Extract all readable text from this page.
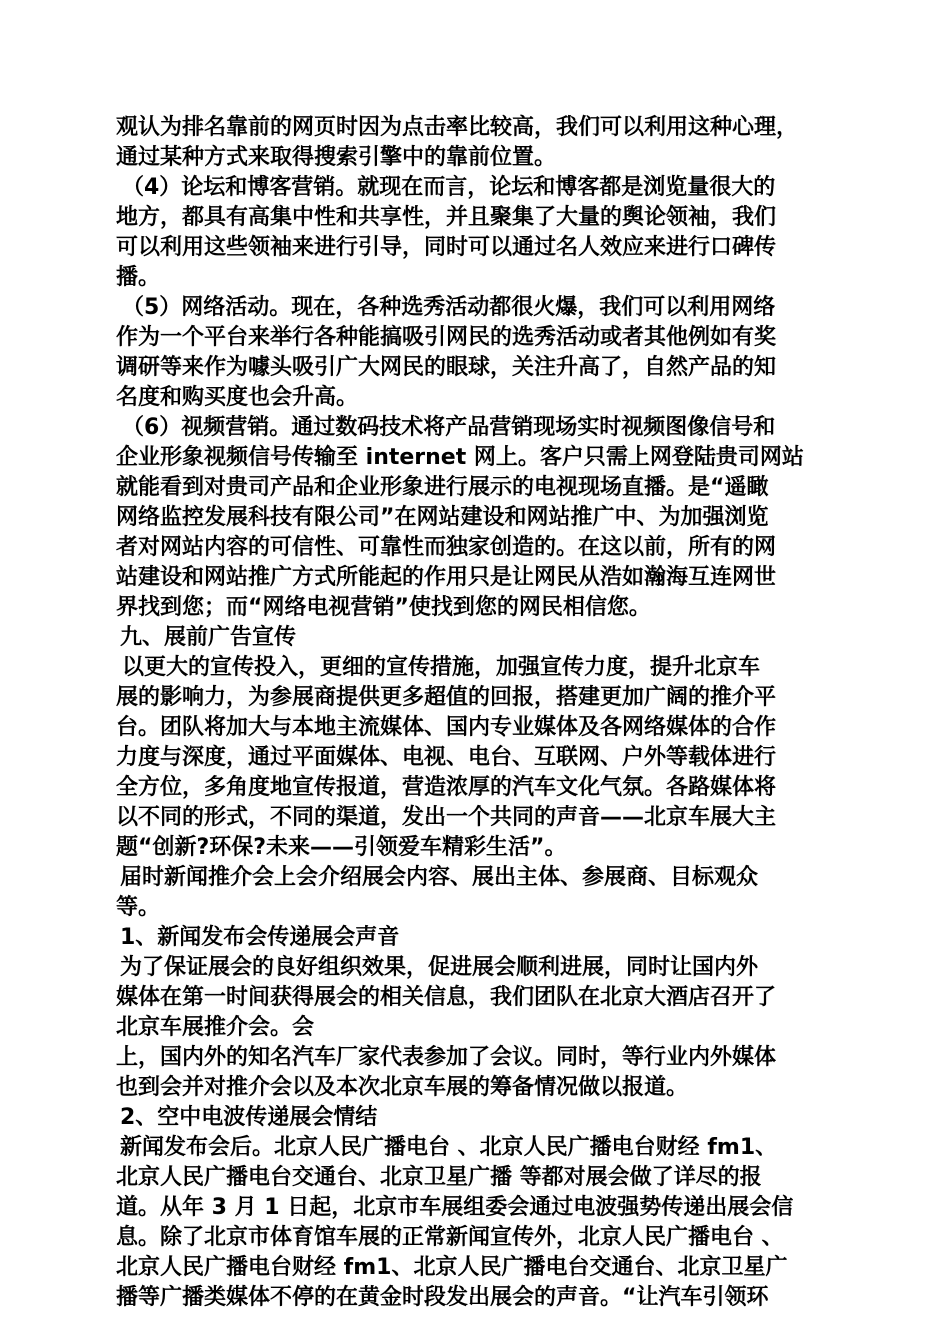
观认为排名靠前的网页时因为点击率比较高，我们可以利用这种心理，
通过某种方式来取得搜索引擎中的靠前位置。
（4）论坛和博客营销。就现在而言，论坛和博客都是浏览量很大的
地方，都具有高集中性和共享性，并且聚集了大量的舆论领袖，我们
可以利用这些领袖来进行引导，同时可以通过名人效应来进行口碑传
播。
（5）网络活动。现在，各种选秀活动都很火爆，我们可以利用网络
作为一个平台来举行各种能搞吸引网民的选秀活动或者其他例如有奖
调研等来作为噱头吸引广大网民的眼球，关注升高了，自然产品的知
名度和购买度也会升高。
（6）视频营销。通过数码技术将产品营销现场实时视频图像信号和
企业形象视频信号传输至 internet 网上。客户只需上网登陆贵司网站
就能看到对贵司产品和企业形象进行展示的电视现场直播。是“遥瞰
网络监控发展科技有限公司”在网站建设和网站推广中、为加强浏览
者对网站内容的可信性、可靠性而独家创造的。在这以前，所有的网
站建设和网站推广方式所能起的作用只是让网民从浩如瀚海互连网世
界找到您；而“网络电视营销”使找到您的网民相信您。
九、展前广告宣传
以更大的宣传投入，更细的宣传措施，加强宣传力度，提升北京车
展的影响力，为参展商提供更多超值的回报，搭建更加广阔的推介平
台。团队将加大与本地主流媒体、国内专业媒体及各网络媒体的合作
力度与深度，通过平面媒体、电视、电台、互联网、户外等载体进行
全方位，多角度地宣传报道，营造浓厚的汽车文化气氛。各路媒体将
以不同的形式，不同的渠道，发出一个共同的声音——北京车展大主
题“创新?环保?未来——引领爱车精彩生活”。
届时新闻推介会上会介绍展会内容、展出主体、参展商、目标观众
等。
1、新闻发布会传递展会声音
为了保证展会的良好组织效果，促进展会顺利进展，同时让国内外
媒体在第一时间获得展会的相关信息，我们团队在北京大酒店召开了
北京车展推介会。会
上，国内外的知名汽车厂家代表参加了会议。同时，等行业内外媒体
也到会并对推介会以及本次北京车展的筹备情况做以报道。
2、空中电波传递展会情结
新闻发布会后。北京人民广播电台 、北京人民广播电台财经 fm1、
北京人民广播电台交通台、北京卫星广播 等都对展会做了详尽的报
道。从年 3 月 1 日起，北京市车展组委会通过电波强势传递出展会信
息。除了北京市体育馆车展的正常新闻宣传外，北京人民广播电台 、
北京人民广播电台财经 fm1、北京人民广播电台交通台、北京卫星广
播等广播类媒体不停的在黄金时段发出展会的声音。“让汽车引领环
